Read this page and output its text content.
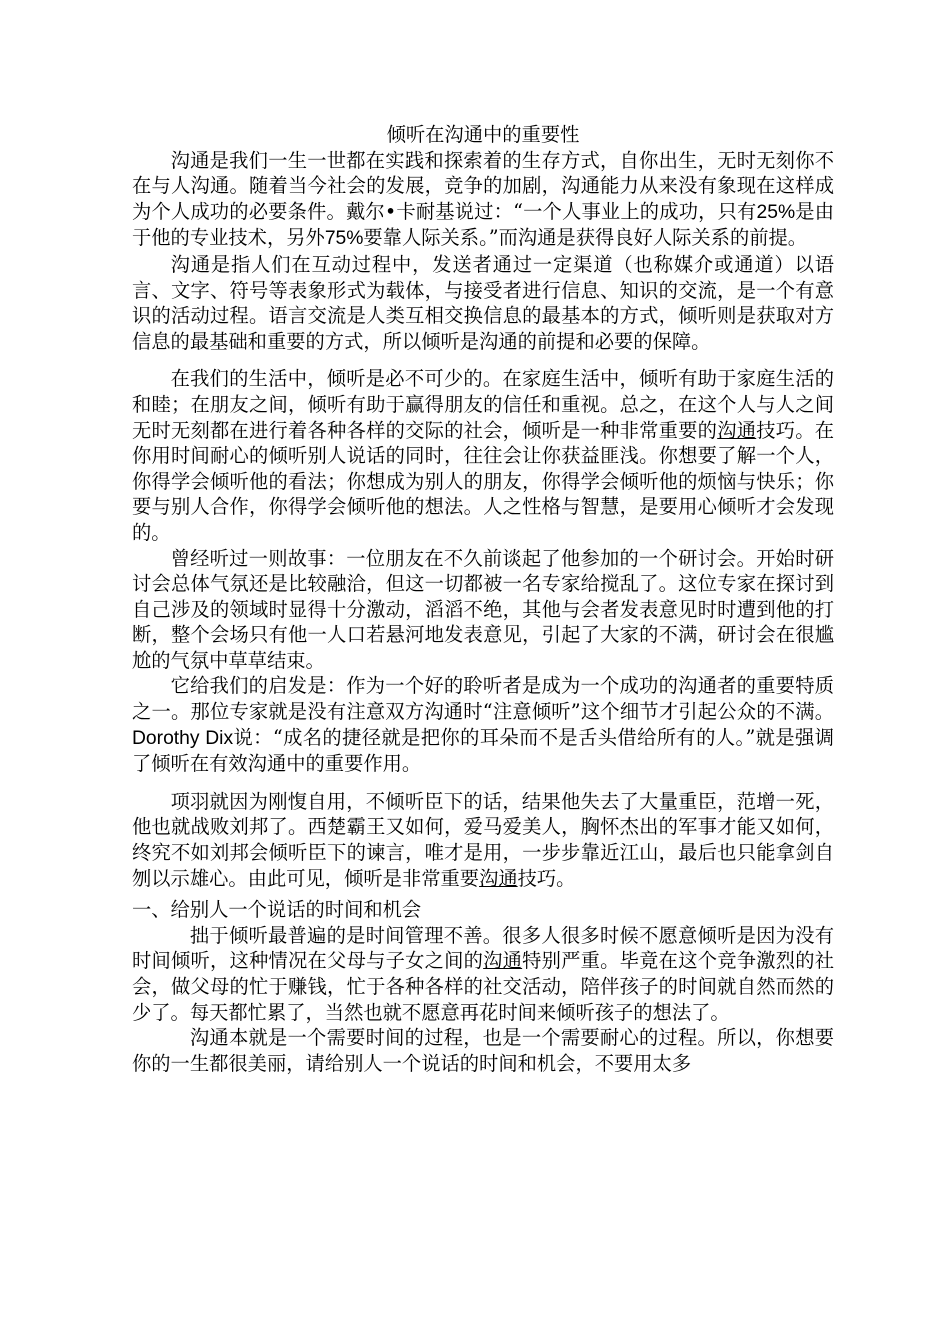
倾听在沟通中的重要性

沟通是我们一生一世都在实践和探索着的生存方式，自你出生，无时无刻你不在与人沟通。随着当今社会的发展，竞争的加剧，沟通能力从来没有象现在这样成为个人成功的必要条件。戴尔•卡耐基说过：“一个人事业上的成功，只有25%是由于他的专业技术，另外75%要靠人际关系。”而沟通是获得良好人际关系的前提。

沟通是指人们在互动过程中，发送者通过一定渠道（也称媒介或通道）以语言、文字、符号等表象形式为载体，与接受者进行信息、知识的交流，是一个有意识的活动过程。语言交流是人类互相交换信息的最基本的方式，倾听则是获取对方信息的最基础和重要的方式，所以倾听是沟通的前提和必要的保障。

在我们的生活中，倾听是必不可少的。在家庭生活中，倾听有助于家庭生活的和睦；在朋友之间，倾听有助于赢得朋友的信任和重视。总之，在这个人与人之间无时无刻都在进行着各种各样的交际的社会，倾听是一种非常重要的沟通技巧。在你用时间耐心的倾听别人说话的同时，往往会让你获益匪浅。你想要了解一个人，你得学会倾听他的看法；你想成为别人的朋友，你得学会倾听他的烦恼与快乐；你要与别人合作，你得学会倾听他的想法。人之性格与智慧，是要用心倾听才会发现的。

曾经听过一则故事：一位朋友在不久前谈起了他参加的一个研讨会。开始时研讨会总体气氛还是比较融洽，但这一切都被一名专家给搅乱了。这位专家在探讨到自己涉及的领域时显得十分激动，滔滔不绝，其他与会者发表意见时时遭到他的打断，整个会场只有他一人口若悬河地发表意见，引起了大家的不满，研讨会在很尴尬的气氛中草草结束。

它给我们的启发是：作为一个好的聆听者是成为一个成功的沟通者的重要特质之一。那位专家就是没有注意双方沟通时“注意倾听”这个细节才引起公众的不满。Dorothy Dix说：“成名的捷径就是把你的耳朵而不是舌头借给所有的人。”就是强调了倾听在有效沟通中的重要作用。

项羽就因为刚愎自用，不倾听臣下的话，结果他失去了大量重臣，范增一死，他也就战败刘邦了。西楚霸王又如何，爱马爱美人，胸怀杰出的军事才能又如何，终究不如刘邦会倾听臣下的谏言，唯才是用，一步步靠近江山，最后也只能拿剑自刎以示雄心。由此可见，倾听是非常重要沟通技巧。

一、给别人一个说话的时间和机会

拙于倾听最普遍的是时间管理不善。很多人很多时候不愿意倾听是因为没有时间倾听，这种情况在父母与子女之间的沟通特别严重。毕竟在这个竞争激烈的社会，做父母的忙于赚钱，忙于各种各样的社交活动，陪伴孩子的时间就自然而然的少了。每天都忙累了，当然也就不愿意再花时间来倾听孩子的想法了。

沟通本就是一个需要时间的过程，也是一个需要耐心的过程。所以，你想要你的一生都很美丽，请给别人一个说话的时间和机会，不要用太多
